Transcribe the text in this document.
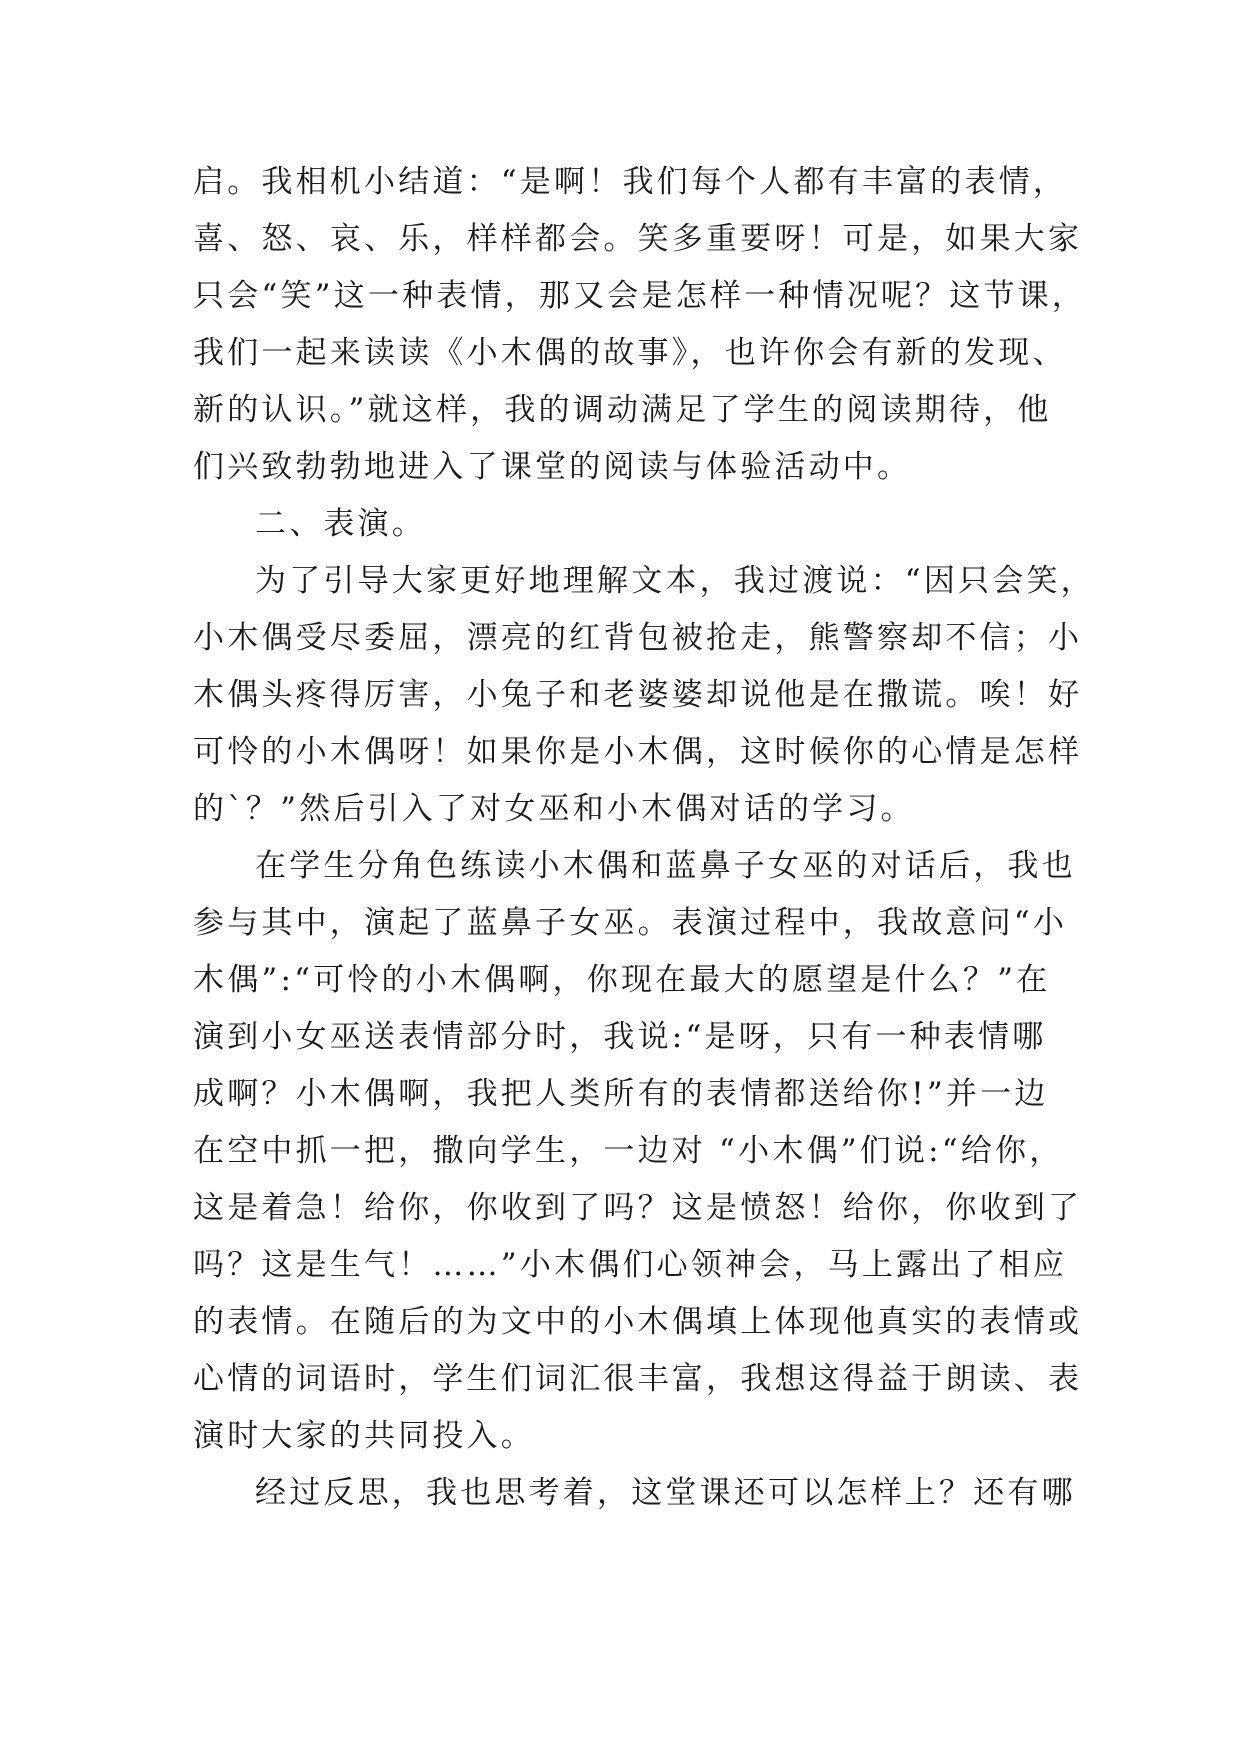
启。我相机小结道：“是啊！我们每个人都有丰富的表情，
喜、怒、哀、乐，样样都会。笑多重要呀！可是，如果大家
只会“笑”这一种表情，那又会是怎样一种情况呢？这节课，
我们一起来读读《小木偶的故事》，也许你会有新的发现、
新的认识。”就这样，我的调动满足了学生的阅读期待，他
们兴致勃勃地进入了课堂的阅读与体验活动中。
二、表演。
为了引导大家更好地理解文本，我过渡说：“因只会笑，
小木偶受尽委屈，漂亮的红背包被抢走，熊警察却不信；小
木偶头疼得厉害，小兔子和老婆婆却说他是在撒谎。唉！好
可怜的小木偶呀！如果你是小木偶，这时候你的心情是怎样
的`？”然后引入了对女巫和小木偶对话的学习。
在学生分角色练读小木偶和蓝鼻子女巫的对话后，我也
参与其中，演起了蓝鼻子女巫。表演过程中，我故意问“小
木偶”:“可怜的小木偶啊，你现在最大的愿望是什么？”在
演到小女巫送表情部分时，我说:“是呀，只有一种表情哪
成啊？小木偶啊，我把人类所有的表情都送给你!”并一边
在空中抓一把，撒向学生，一边对 “小木偶”们说:“给你，
这是着急！给你，你收到了吗？这是愤怒！给你，你收到了
吗？这是生气！……”小木偶们心领神会，马上露出了相应
的表情。在随后的为文中的小木偶填上体现他真实的表情或
心情的词语时，学生们词汇很丰富，我想这得益于朗读、表
演时大家的共同投入。
经过反思，我也思考着，这堂课还可以怎样上？还有哪
